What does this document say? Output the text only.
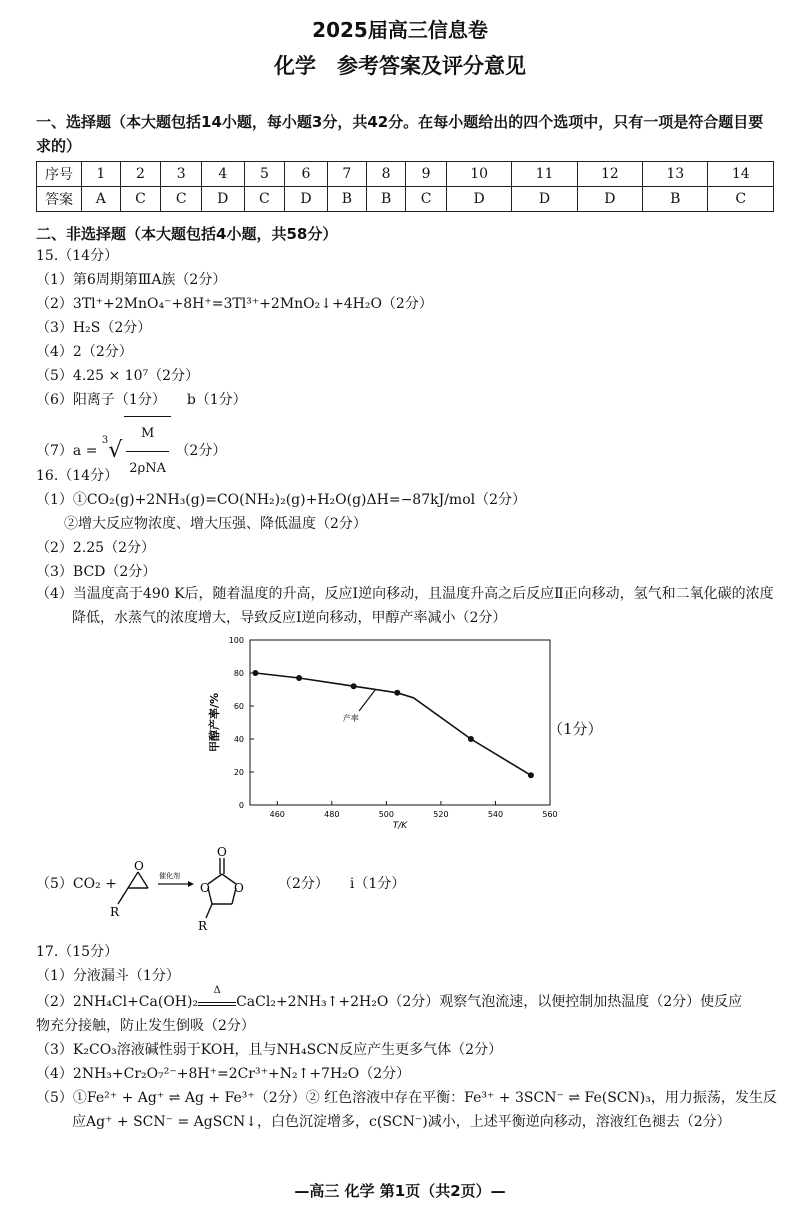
2025届高三信息卷
化学　参考答案及评分意见
一、选择题（本大题包括14小题，每小题3分，共42分。在每小题给出的四个选项中，只有一项是符合题目要求的）
序号	1	2	3	4	5	6	7	8	9	10	11	12	13	14
答案	A	C	C	D	C	D	B	B	C	D	D	D	B	C
二、非选择题（本大题包括4小题，共58分）
15.（14分）
（1）第6周期第ⅢA族（2分）
（2）3Tl⁺+2MnO₄⁻+8H⁺=3Tl³⁺+2MnO₂↓+4H₂O（2分）
（3）H₂S（2分）
（4）2（2分）
（5）4.25 × 10⁷（2分）
（6）阳离子（1分）　　b（1分）
$(7)a = ^3√ \frac{M}{\text{2ρNA}} (2$分）
16.（14分）
（1）①CO₂(g)+2NH₃(g)=CO(NH₂)₂(g)+H₂O(g)ΔH=−87kJ/mol（2分）
　　②增大反应物浓度、增大压强、降低温度（2分）
（2）2.25（2分）
（3）BCD（2分）
（4）当温度高于490 K后，随着温度的升高，反应Ⅰ逆向移动，且温度升高之后反应Ⅱ正向移动，氢气和二氧化碳的浓度降低，水蒸气的浓度增大，导致反应Ⅰ逆向移动，甲醇产率减小（2分）
460	480	500	520	540	560
0
20
40
60
80
100
产率
甲醇产率/%
T/K
（1分）
（5）CO₂ +
O
R
催化剂
O
O O
R
（2分）　　i（1分）
17.（15分）
（1）分液漏斗（1分）
（2）2NH₄Cl+Ca(OH)₂
Δ
CaCl₂+2NH₃↑+2H₂O（2分）观察气泡流速，以便控制加热温度（2分）使反应
物充分接触，防止发生倒吸（2分）
（3）K₂CO₃溶液碱性弱于KOH，且与NH₄SCN反应产生更多气体（2分）
（4）2NH₃+Cr₂O₇²⁻+8H⁺=2Cr³⁺+N₂↑+7H₂O（2分）
（5）①Fe²⁺ + Ag⁺ ⇌ Ag + Fe³⁺（2分）② 红色溶液中存在平衡：Fe³⁺ + 3SCN⁻ ⇌ Fe(SCN)₃，用力振荡，发生反应Ag⁺ + SCN⁻ = AgSCN↓，白色沉淀增多，c(SCN⁻)减小，上述平衡逆向移动，溶液红色褪去（2分）
—高三 化学 第1页（共2页）—
